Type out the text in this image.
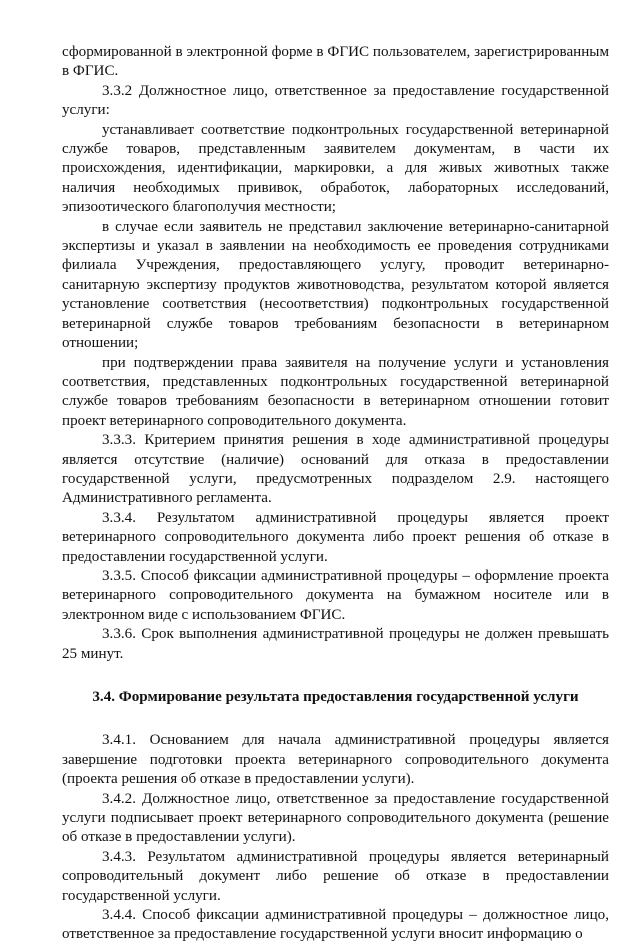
сформированной в электронной форме в ФГИС пользователем, зарегистрированным в ФГИС.

3.3.2 Должностное лицо, ответственное за предоставление государственной услуги:

устанавливает соответствие подконтрольных государственной ветеринарной службе товаров, представленным заявителем документам, в части их происхождения, идентификации, маркировки, а для живых животных также наличия необходимых прививок, обработок, лабораторных исследований, эпизоотического благополучия местности;

в случае если заявитель не представил заключение ветеринарно-санитарной экспертизы и указал в заявлении на необходимость ее проведения сотрудниками филиала Учреждения, предоставляющего услугу, проводит ветеринарно-санитарную экспертизу продуктов животноводства, результатом которой является установление соответствия (несоответствия) подконтрольных государственной ветеринарной службе товаров требованиям безопасности в ветеринарном отношении;

при подтверждении права заявителя на получение услуги и установления соответствия, представленных подконтрольных государственной ветеринарной службе товаров требованиям безопасности в ветеринарном отношении готовит проект ветеринарного сопроводительного документа.

3.3.3. Критерием принятия решения в ходе административной процедуры является отсутствие (наличие) оснований для отказа в предоставлении государственной услуги, предусмотренных подразделом 2.9. настоящего Административного регламента.

3.3.4. Результатом административной процедуры является проект ветеринарного сопроводительного документа либо проект решения об отказе в предоставлении государственной услуги.

3.3.5. Способ фиксации административной процедуры – оформление проекта ветеринарного сопроводительного документа на бумажном носителе или в электронном виде с использованием ФГИС.

3.3.6. Срок выполнения административной процедуры не должен превышать 25 минут.

3.4. Формирование результата предоставления государственной услуги

3.4.1. Основанием для начала административной процедуры является завершение подготовки проекта ветеринарного сопроводительного документа (проекта решения об отказе в предоставлении услуги).

3.4.2. Должностное лицо, ответственное за предоставление государственной услуги подписывает проект ветеринарного сопроводительного документа (решение об отказе в предоставлении услуги).

3.4.3. Результатом административной процедуры является ветеринарный сопроводительный документ либо решение об отказе в предоставлении государственной услуги.

3.4.4. Способ фиксации административной процедуры – должностное лицо, ответственное за предоставление государственной услуги вносит информацию о
